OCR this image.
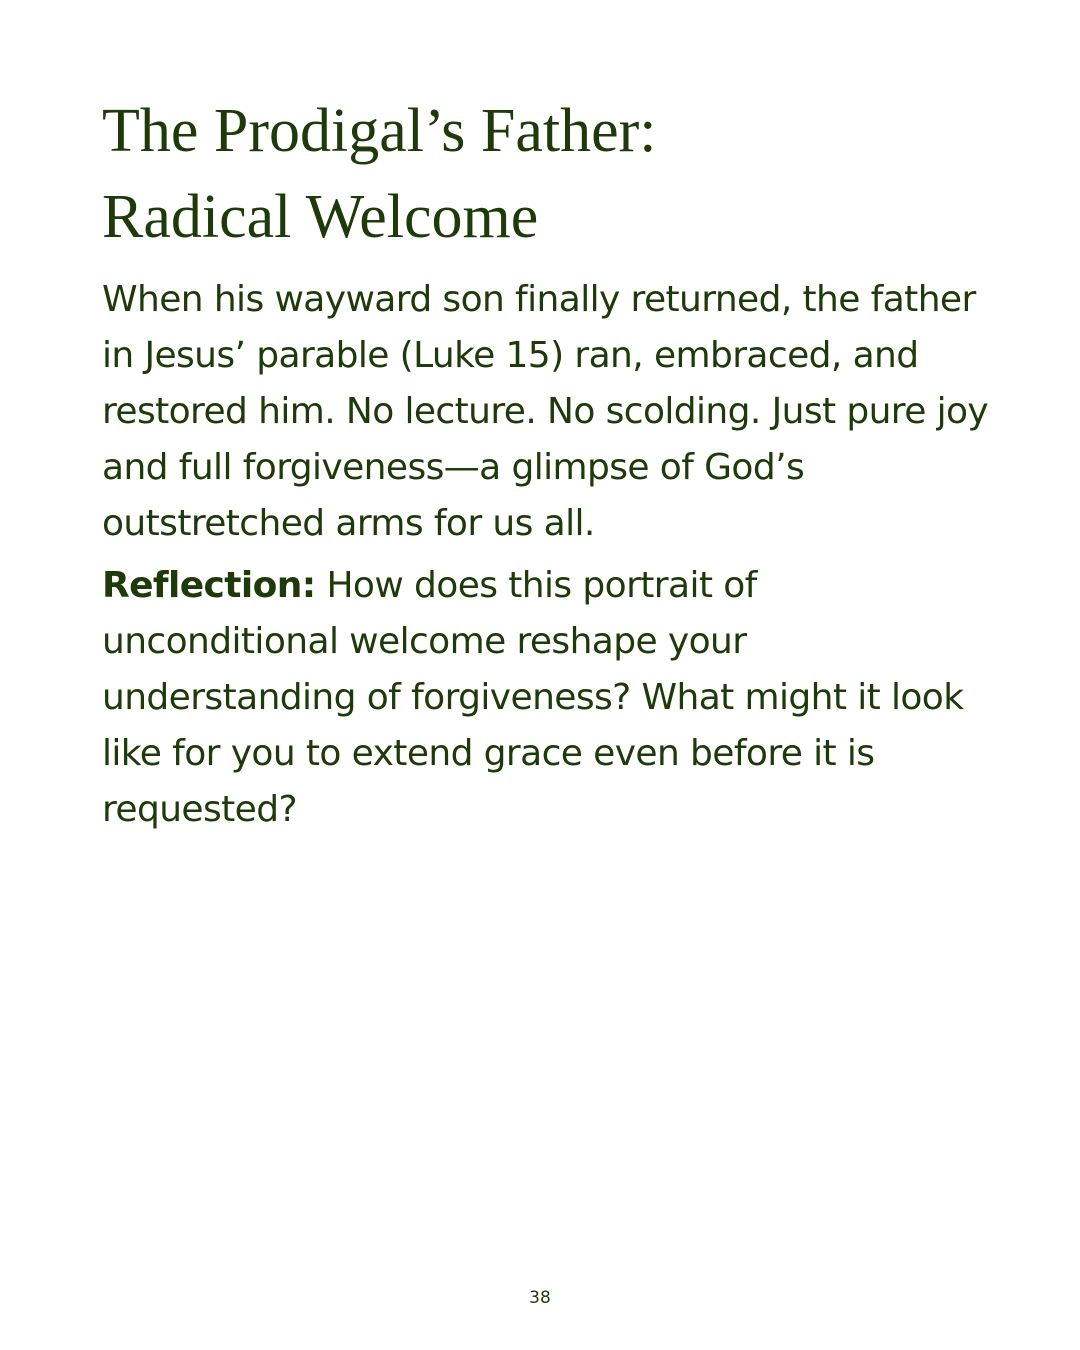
The Prodigal’s Father:
Radical Welcome

When his wayward son finally returned, the father in Jesus’ parable (Luke 15) ran, embraced, and restored him. No lecture. No scolding. Just pure joy and full forgiveness—a glimpse of God’s outstretched arms for us all.

Reflection: How does this portrait of unconditional welcome reshape your understanding of forgiveness? What might it look like for you to extend grace even before it is requested?

38
